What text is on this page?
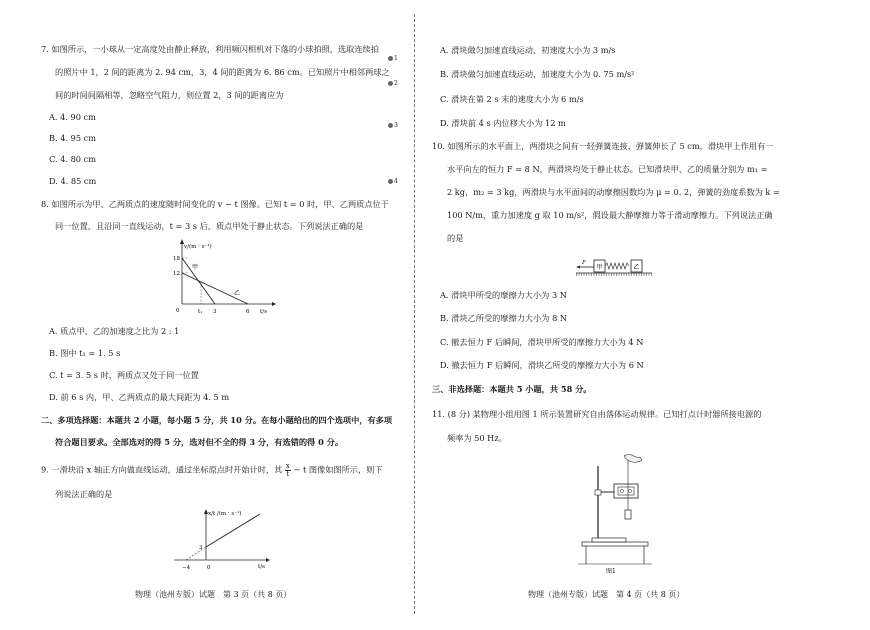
7. 如图所示，一小球从一定高度处由静止释放，利用频闪相机对下落的小球拍照，选取连续拍
的照片中 1，2 间的距离为 2. 94 cm，3，4 间的距离为 6. 86 cm。已知照片中相邻两球之
间的时间间隔相等，忽略空气阻力，则位置 2，3 间的距离应为
A. 4. 90 cm
B. 4. 95 cm
C. 4. 80 cm
D. 4. 85 cm
1
2
3
4
8. 如图所示为甲、乙两质点的速度随时间变化的 v − t 图像。已知 t = 0 时，甲、乙两质点位于
同一位置，且沿同一直线运动，t = 3 s 后，质点甲处于静止状态。下列说法正确的是
v/(m · s⁻¹)
18
12
0	t₁ 3	6 t/s
甲
乙
A. 质点甲、乙的加速度之比为 2 : 1
B. 图中 t₁ = 1. 5 s
C. t = 3. 5 s 时，两质点又处于同一位置
D. 前 6 s 内，甲、乙两质点的最大间距为 4. 5 m
二、多项选择题：本题共 2 小题，每小题 5 分，共 10 分。在每小题给出的四个选项中，有多项
符合题目要求。全部选对的得 5 分，选对但不全的得 3 分，有选错的得 0 分。
9. 一滑块沿 x 轴正方向做直线运动，通过坐标原点时开始计时，其 $\frac{x}{t} - t$ 图像如图所示，则下
列说法正确的是
x/t /(m · s⁻¹)
3
−4	0	t/s
物理（池州专版）试题　第 3 页（共 8 页）
A. 滑块做匀加速直线运动，初速度大小为 3 m/s
B. 滑块做匀加速直线运动，加速度大小为 0. 75 m/s²
C. 滑块在第 2 s 末的速度大小为 6 m/s
D. 滑块前 4 s 内位移大小为 12 m
10. 如图所示的水平面上，两滑块之间有一轻弹簧连接，弹簧伸长了 5 cm，滑块甲上作用有一
水平向左的恒力 F = 8 N，两滑块均处于静止状态。已知滑块甲、乙的质量分别为 m₁ =
2 kg，m₂ = 3 kg，两滑块与水平面间的动摩擦因数均为 μ = 0. 2，弹簧的劲度系数为 k =
100 N/m，重力加速度 g 取 10 m/s²，假设最大静摩擦力等于滑动摩擦力。下列说法正确
的是
F
甲	乙
A. 滑块甲所受的摩擦力大小为 3 N
B. 滑块乙所受的摩擦力大小为 8 N
C. 撤去恒力 F 后瞬间，滑块甲所受的摩擦力大小为 4 N
D. 撤去恒力 F 后瞬间，滑块乙所受的摩擦力大小为 6 N
三、非选择题：本题共 5 小题，共 58 分。
11. (8 分) 某物理小组用图 1 所示装置研究自由落体运动规律。已知打点计时器所接电源的
频率为 50 Hz。
图1
物理（池州专版）试题　第 4 页（共 8 页）
